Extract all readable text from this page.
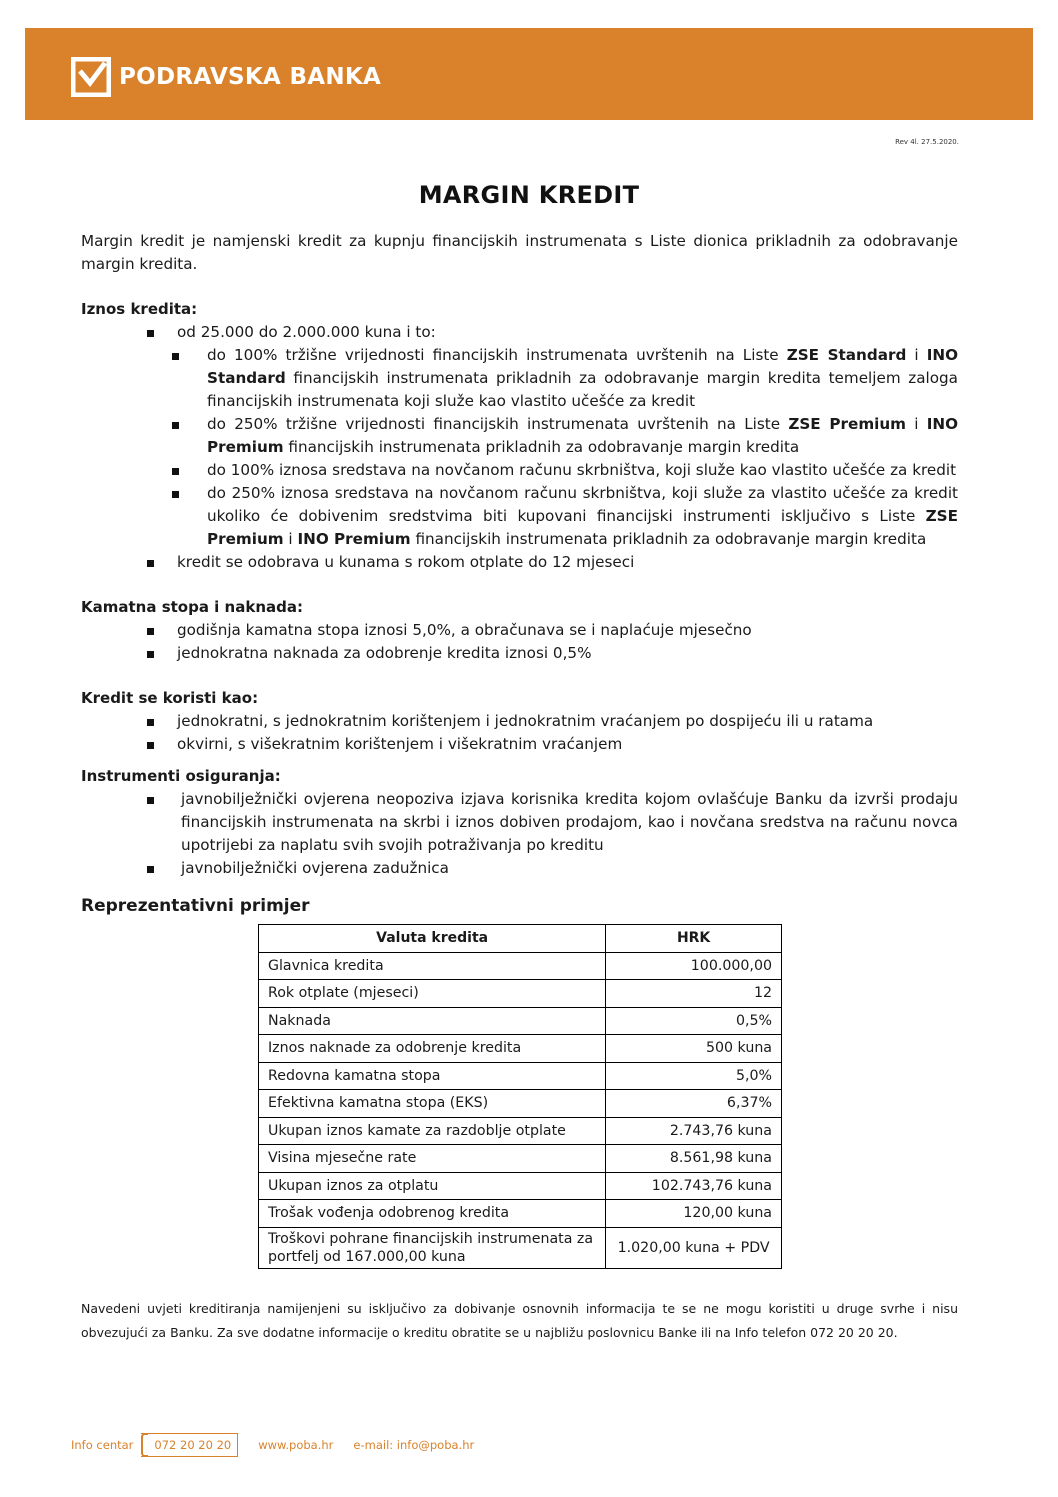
PODRAVSKA BANKA
Rev 4l. 27.5.2020.
MARGIN KREDIT

Margin kredit je namjenski kredit za kupnju financijskih instrumenata s Liste dionica prikladnih za odobravanje margin kredita.

Iznos kredita:
od 25.000 do 2.000.000 kuna i to:
do 100% tržišne vrijednosti financijskih instrumenata uvrštenih na Liste ZSE Standard i INO Standard financijskih instrumenata prikladnih za odobravanje margin kredita temeljem zaloga financijskih instrumenata koji služe kao vlastito učešće za kredit
do 250% tržišne vrijednosti financijskih instrumenata uvrštenih na Liste ZSE Premium i INO Premium financijskih instrumenata prikladnih za odobravanje margin kredita
do 100% iznosa sredstava na novčanom računu skrbništva, koji služe kao vlastito učešće za kredit
do 250% iznosa sredstava na novčanom računu skrbništva, koji služe za vlastito učešće za kredit ukoliko će dobivenim sredstvima biti kupovani financijski instrumenti isključivo s Liste ZSE Premium i INO Premium financijskih instrumenata prikladnih za odobravanje margin kredita
kredit se odobrava u kunama s rokom otplate do 12 mjeseci
Kamatna stopa i naknada:
godišnja kamatna stopa iznosi 5,0%, a obračunava se i naplaćuje mjesečno
jednokratna naknada za odobrenje kredita iznosi 0,5%
Kredit se koristi kao:
jednokratni, s jednokratnim korištenjem i jednokratnim vraćanjem po dospijeću ili u ratama
okvirni, s višekratnim korištenjem i višekratnim vraćanjem
Instrumenti osiguranja:
javnobilježnički ovjerena neopoziva izjava korisnika kredita kojom ovlašćuje Banku da izvrši prodaju financijskih instrumenata na skrbi i iznos dobiven prodajom, kao i novčana sredstva na računu novca upotrijebi za naplatu svih svojih potraživanja po kreditu
javnobilježnički ovjerena zadužnica
Reprezentativni primjer
Valuta kredita	HRK
Glavnica kredita	100.000,00
Rok otplate (mjeseci)	12
Naknada	0,5%
Iznos naknade za odobrenje kredita	500 kuna
Redovna kamatna stopa	5,0%
Efektivna kamatna stopa (EKS)	6,37%
Ukupan iznos kamate za razdoblje otplate	2.743,76 kuna
Visina mjesečne rate	8.561,98 kuna
Ukupan iznos za otplatu	102.743,76 kuna
Trošak vođenja odobrenog kredita	120,00 kuna
Troškovi pohrane financijskih instrumenata za portfelj od 167.000,00 kuna	1.020,00 kuna + PDV

Navedeni uvjeti kreditiranja namijenjeni su isključivo za dobivanje osnovnih informacija te se ne mogu koristiti u druge svrhe i nisu obvezujući za Banku. Za sve dodatne informacije o kreditu obratite se u najbližu poslovnicu Banke ili na Info telefon 072 20 20 20.

Info centar 072 20 20 20 www.poba.hr e-mail: info@poba.hr
